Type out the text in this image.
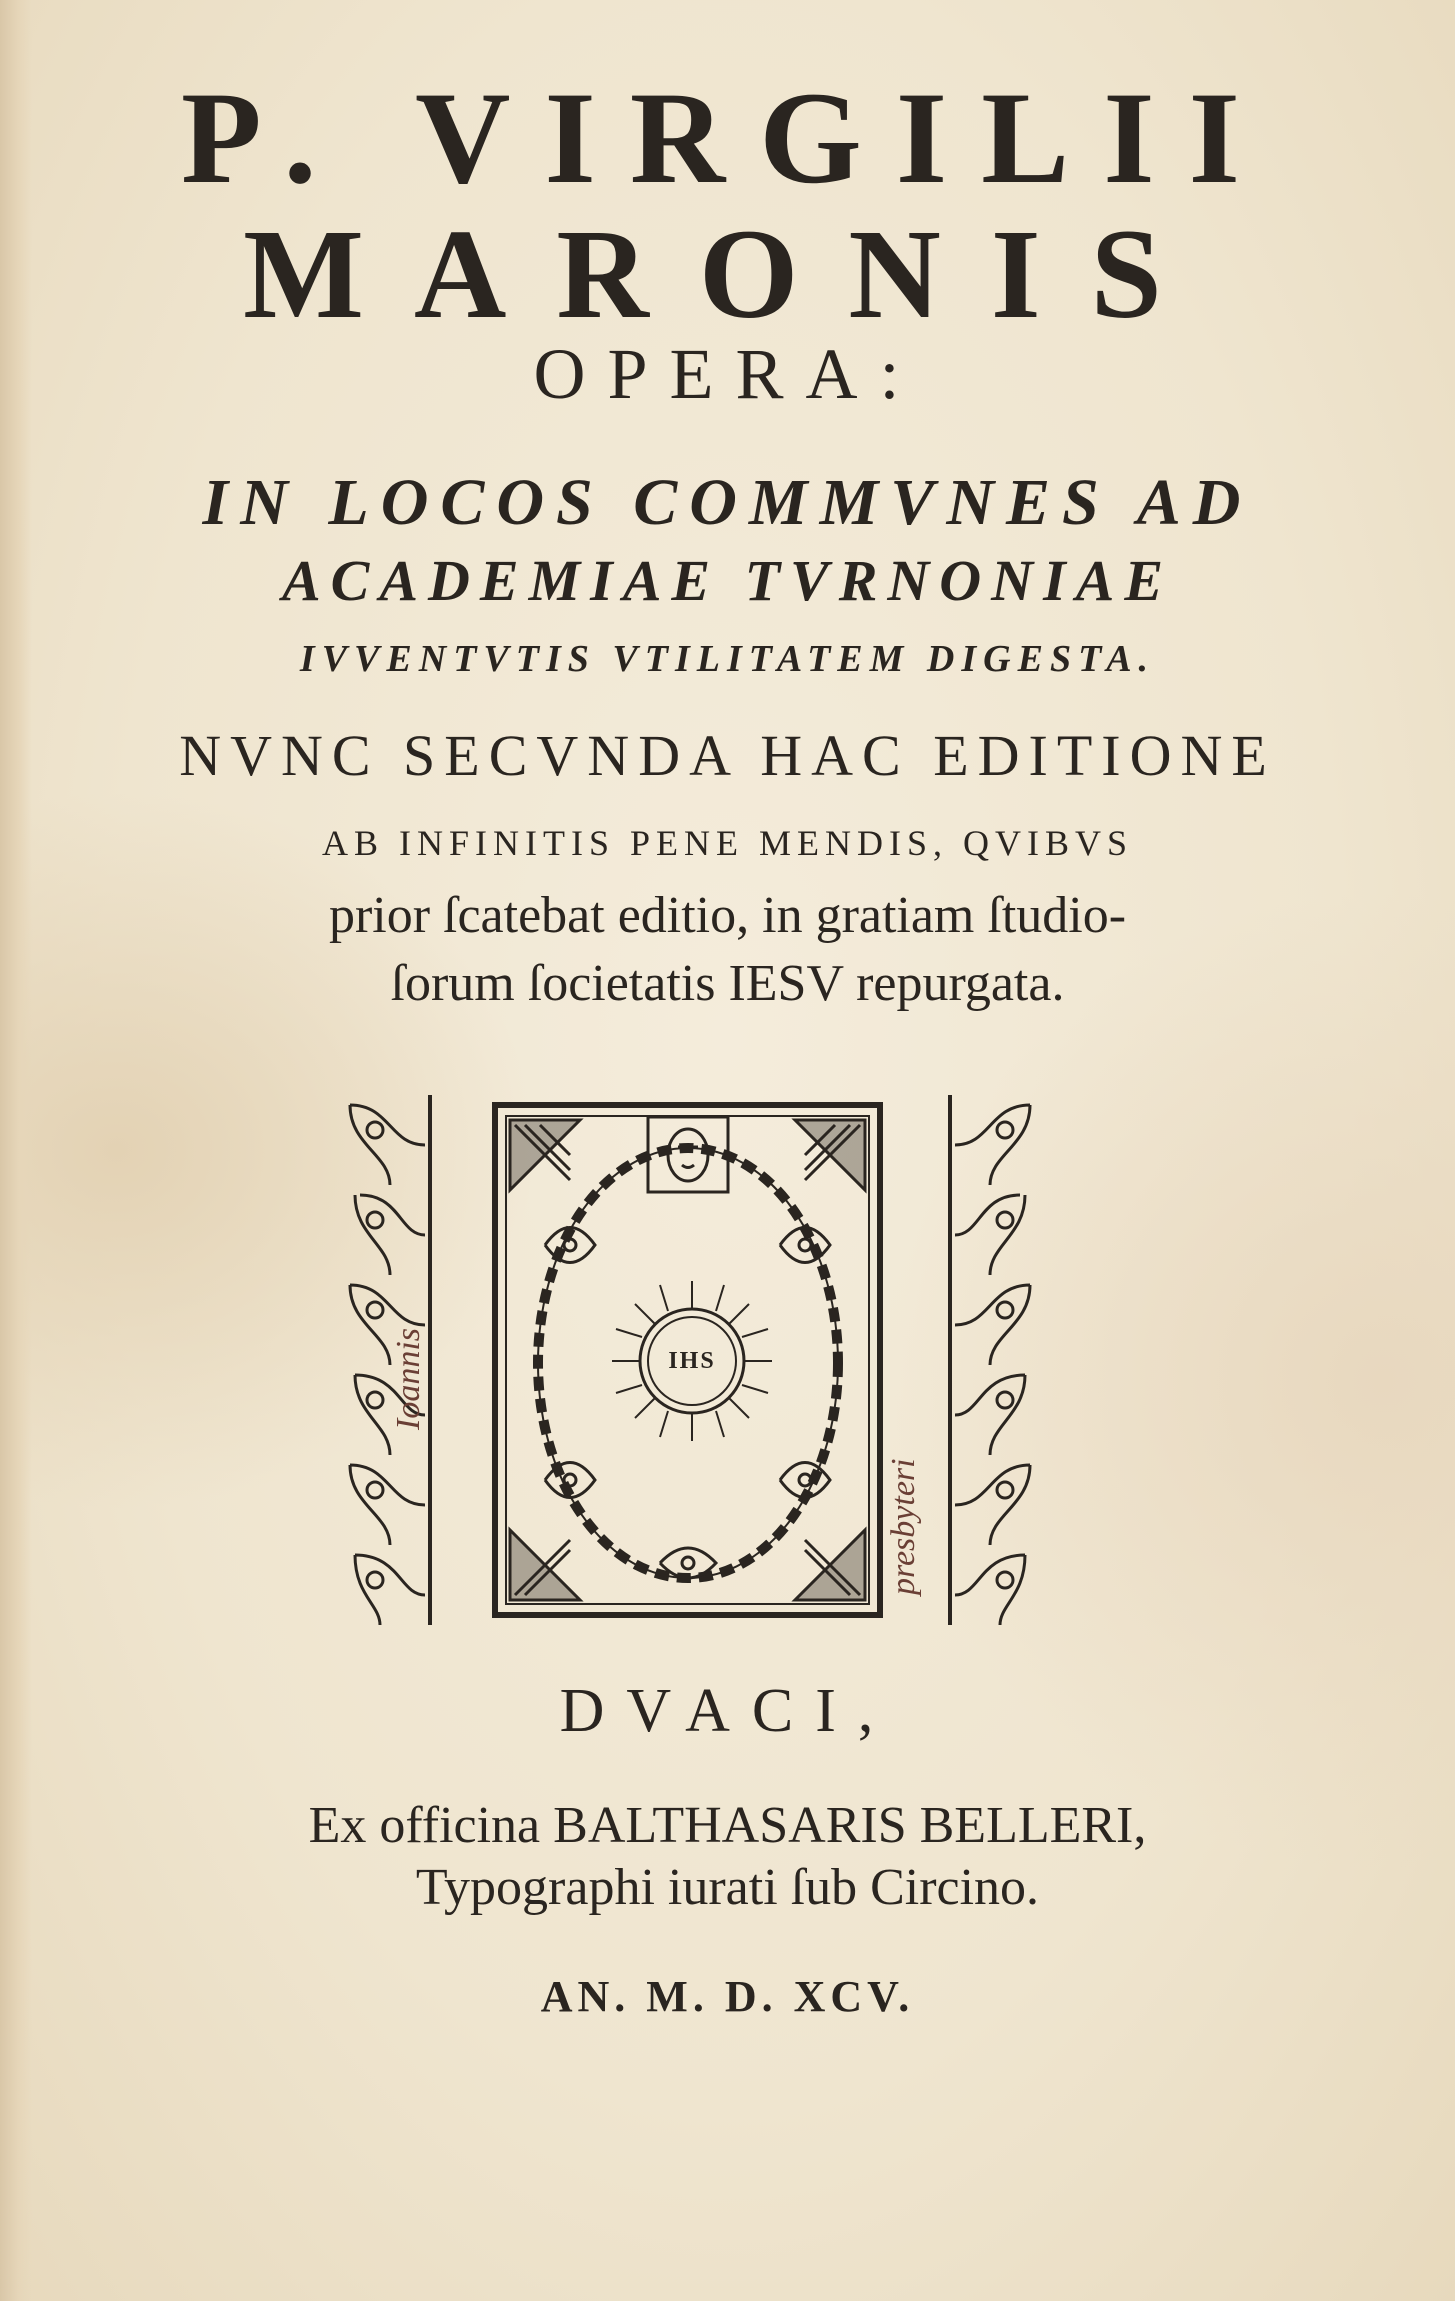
P. VIRGILII
MARONIS
OPERA:
IN LOCOS COMMVNES AD
ACADEMIAE TVRNONIAE
IVVENTVTIS VTILITATEM DIGESTA.
NVNC SECVNDA HAC EDITIONE
AB INFINITIS PENE MENDIS, QVIBVS
prior ſcatebat editio, in gratiam ſtudio-
ſorum ſocietatis IESV repurgata.
IHS
Ioannis
presbyteri
DVACI,
Ex officina BALTHASARIS BELLERI,
Typographi iurati ſub Circino.
AN. M. D. XCV.
